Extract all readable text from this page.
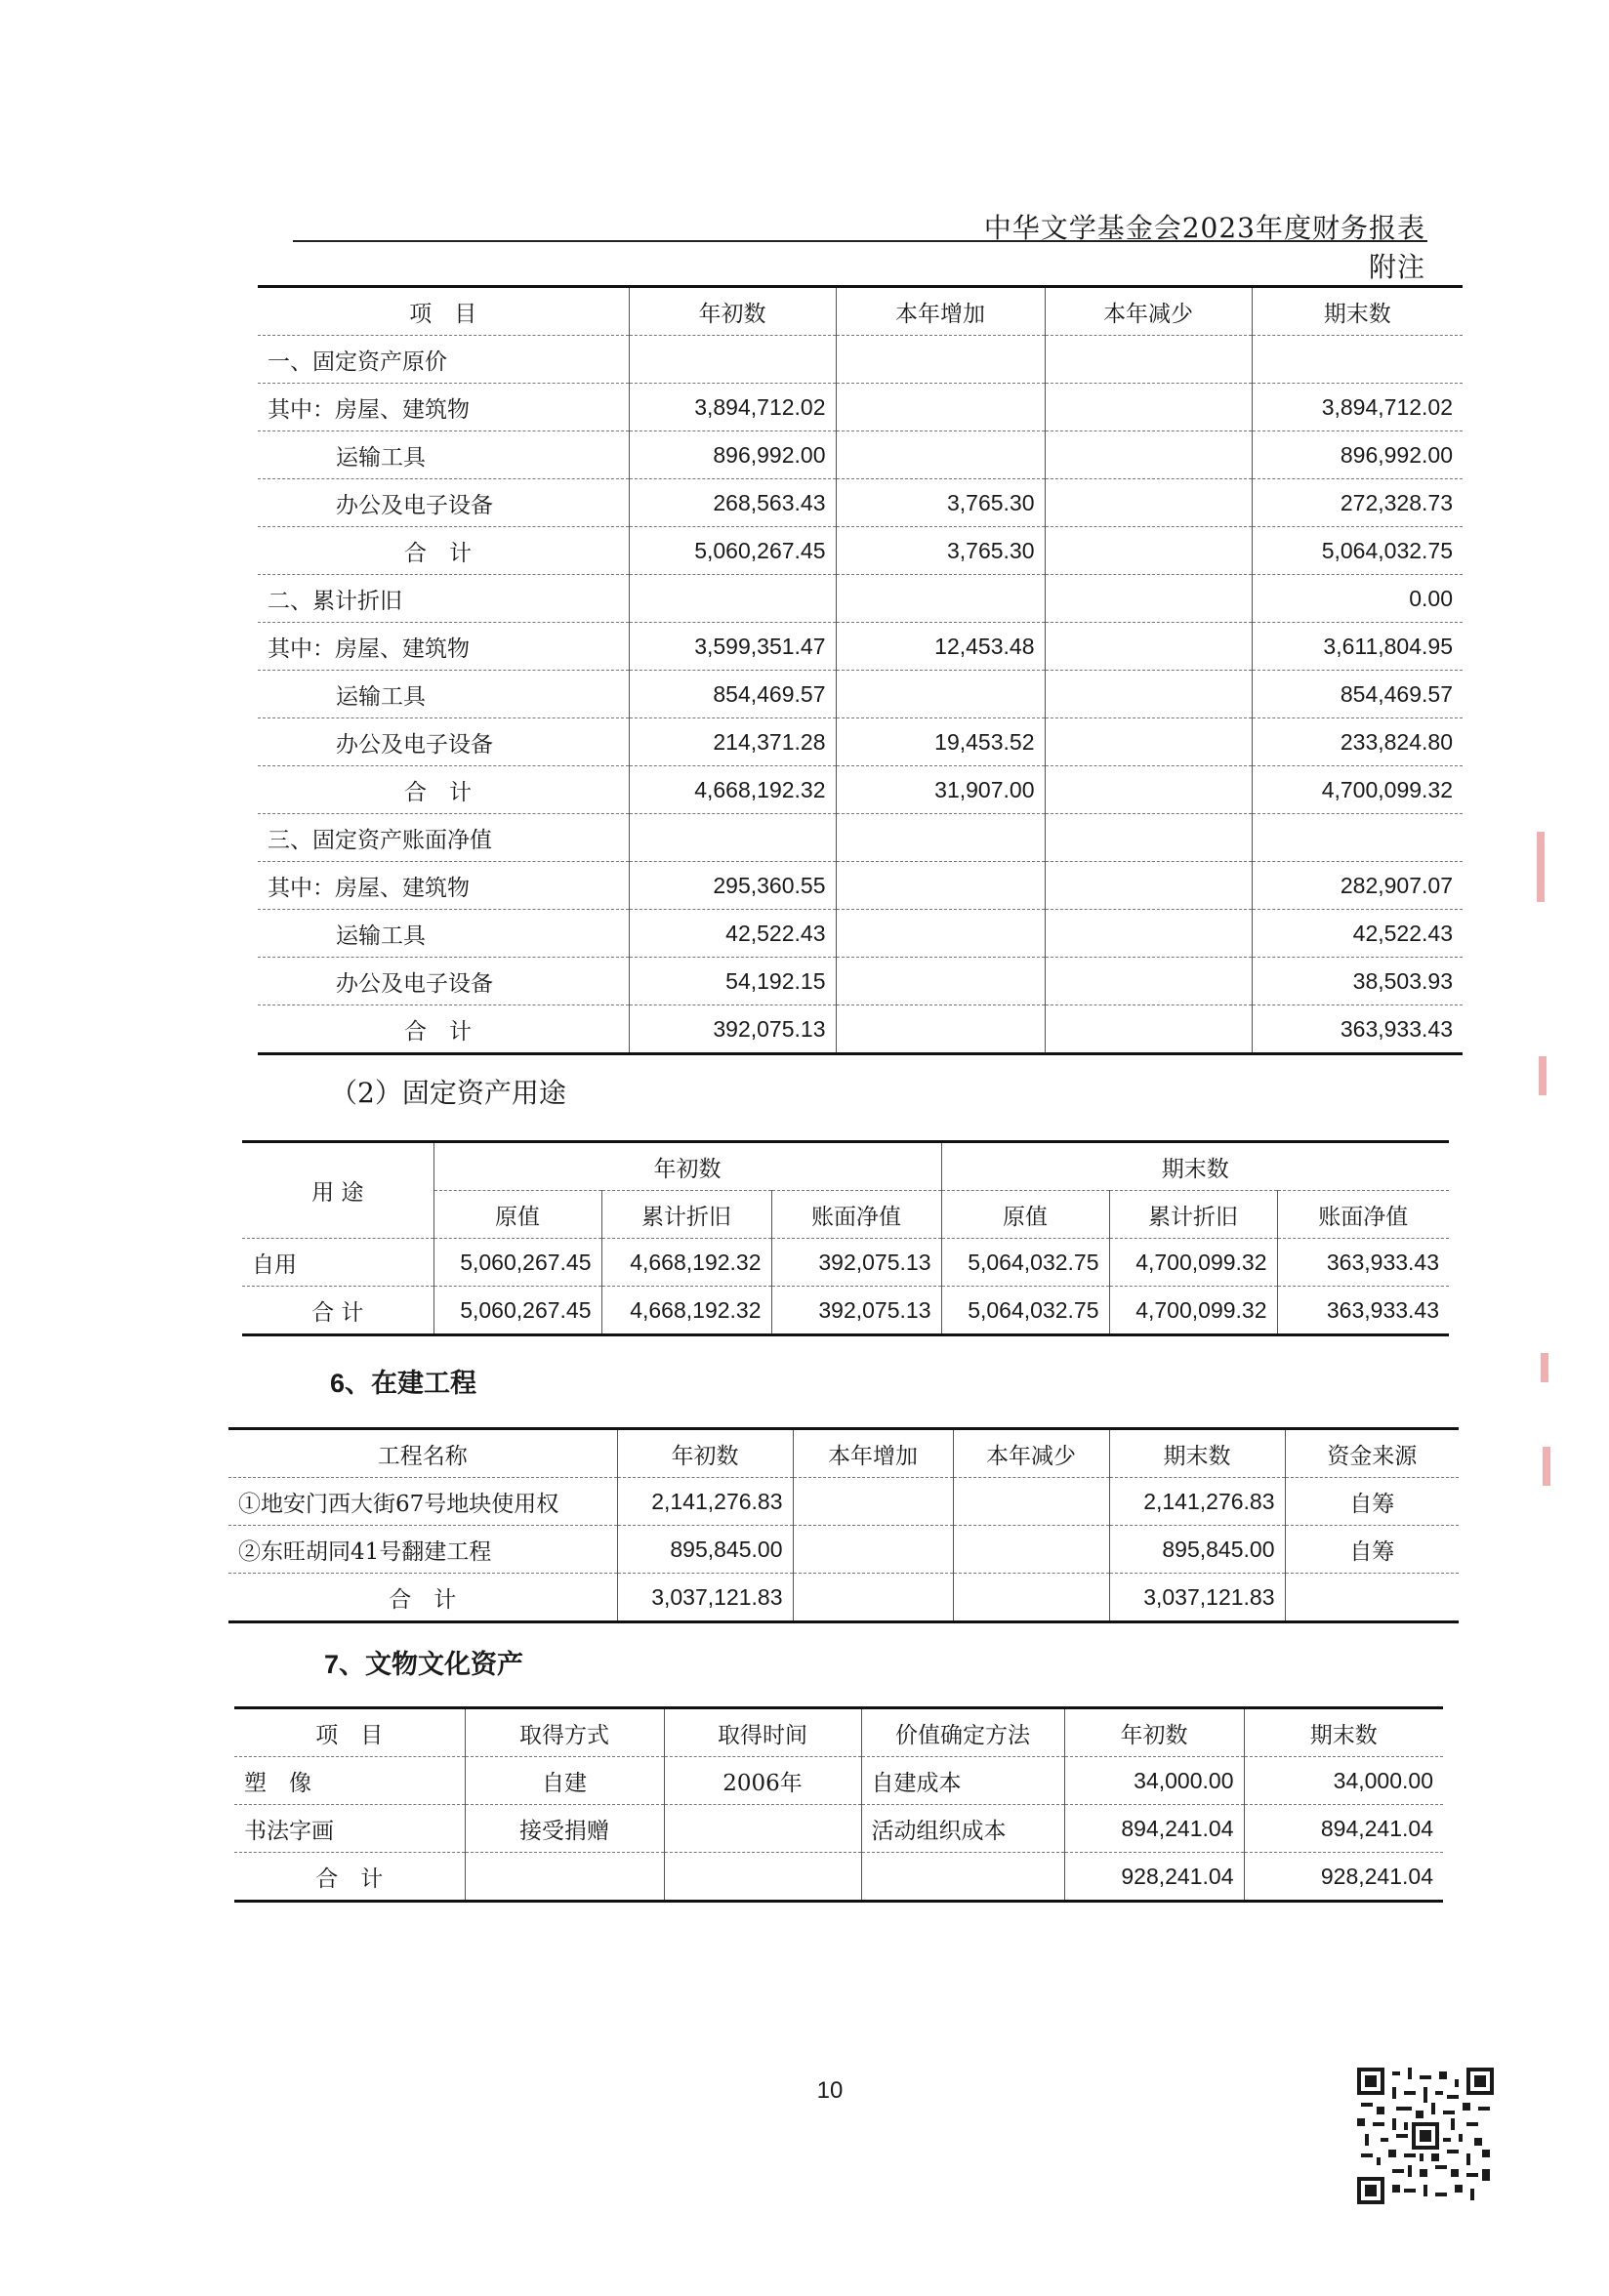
中华文学基金会2023年度财务报表附注
项　目	年初数	本年增加	本年减少	期末数
一、固定资产原价				
其中：房屋、建筑物	3,894,712.02			3,894,712.02
运输工具	896,992.00			896,992.00
办公及电子设备	268,563.43	3,765.30		272,328.73
合　计	5,060,267.45	3,765.30		5,064,032.75
二、累计折旧				0.00
其中：房屋、建筑物	3,599,351.47	12,453.48		3,611,804.95
运输工具	854,469.57			854,469.57
办公及电子设备	214,371.28	19,453.52		233,824.80
合　计	4,668,192.32	31,907.00		4,700,099.32
三、固定资产账面净值				
其中：房屋、建筑物	295,360.55			282,907.07
运输工具	42,522.43			42,522.43
办公及电子设备	54,192.15			38,503.93
合　计	392,075.13			363,933.43
（2）固定资产用途
用 途	年初数			期末数		
	原值	累计折旧	账面净值	原值	累计折旧	账面净值
自用	5,060,267.45	4,668,192.32	392,075.13	5,064,032.75	4,700,099.32	363,933.43
合 计	5,060,267.45	4,668,192.32	392,075.13	5,064,032.75	4,700,099.32	363,933.43
6、在建工程
工程名称	年初数	本年增加	本年减少	期末数	资金来源
①地安门西大街67号地块使用权	2,141,276.83			2,141,276.83	自筹
②东旺胡同41号翻建工程	895,845.00			895,845.00	自筹
合　计	3,037,121.83			3,037,121.83	
7、文物文化资产
项　目	取得方式	取得时间	价值确定方法	年初数	期末数
塑　像	自建	2006年	自建成本	34,000.00	34,000.00
书法字画	接受捐赠		活动组织成本	894,241.04	894,241.04
合　计				928,241.04	928,241.04
10
